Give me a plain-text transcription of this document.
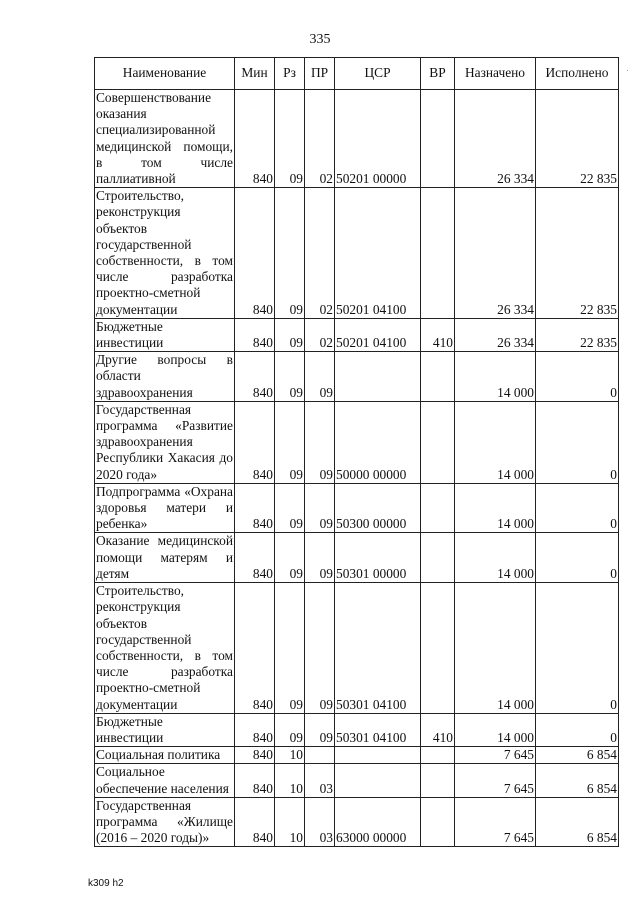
335
·
Наименование	Мин	Рз	ПР	ЦСР	ВР	Назначено	Исполнено
Совершенствование оказания специализированной медицинской помощи, в том числе паллиативной	840	09	02	50201 00000		26 334	22 835
Строительство, реконструкция объектов государственной собственности, в том числе разработка проектно-сметной документации	840	09	02	50201 04100		26 334	22 835
Бюджетные инвестиции	840	09	02	50201 04100	410	26 334	22 835
Другие вопросы в области здравоохранения	840	09	09			14 000	0
Государственная программа «Развитие здравоохранения Республики Хакасия до 2020 года»	840	09	09	50000 00000		14 000	0
Подпрограмма «Охрана здоровья матери и ребенка»	840	09	09	50300 00000		14 000	0
Оказание медицинской помощи матерям и детям	840	09	09	50301 00000		14 000	0
Строительство, реконструкция объектов государственной собственности, в том числе разработка проектно-сметной документации	840	09	09	50301 04100		14 000	0
Бюджетные инвестиции	840	09	09	50301 04100	410	14 000	0
Социальная политика	840	10				7 645	6 854
Социальное обеспечение населения	840	10	03			7 645	6 854
Государственная программа «Жилище (2016 – 2020 годы)»	840	10	03	63000 00000		7 645	6 854
k309 h2
